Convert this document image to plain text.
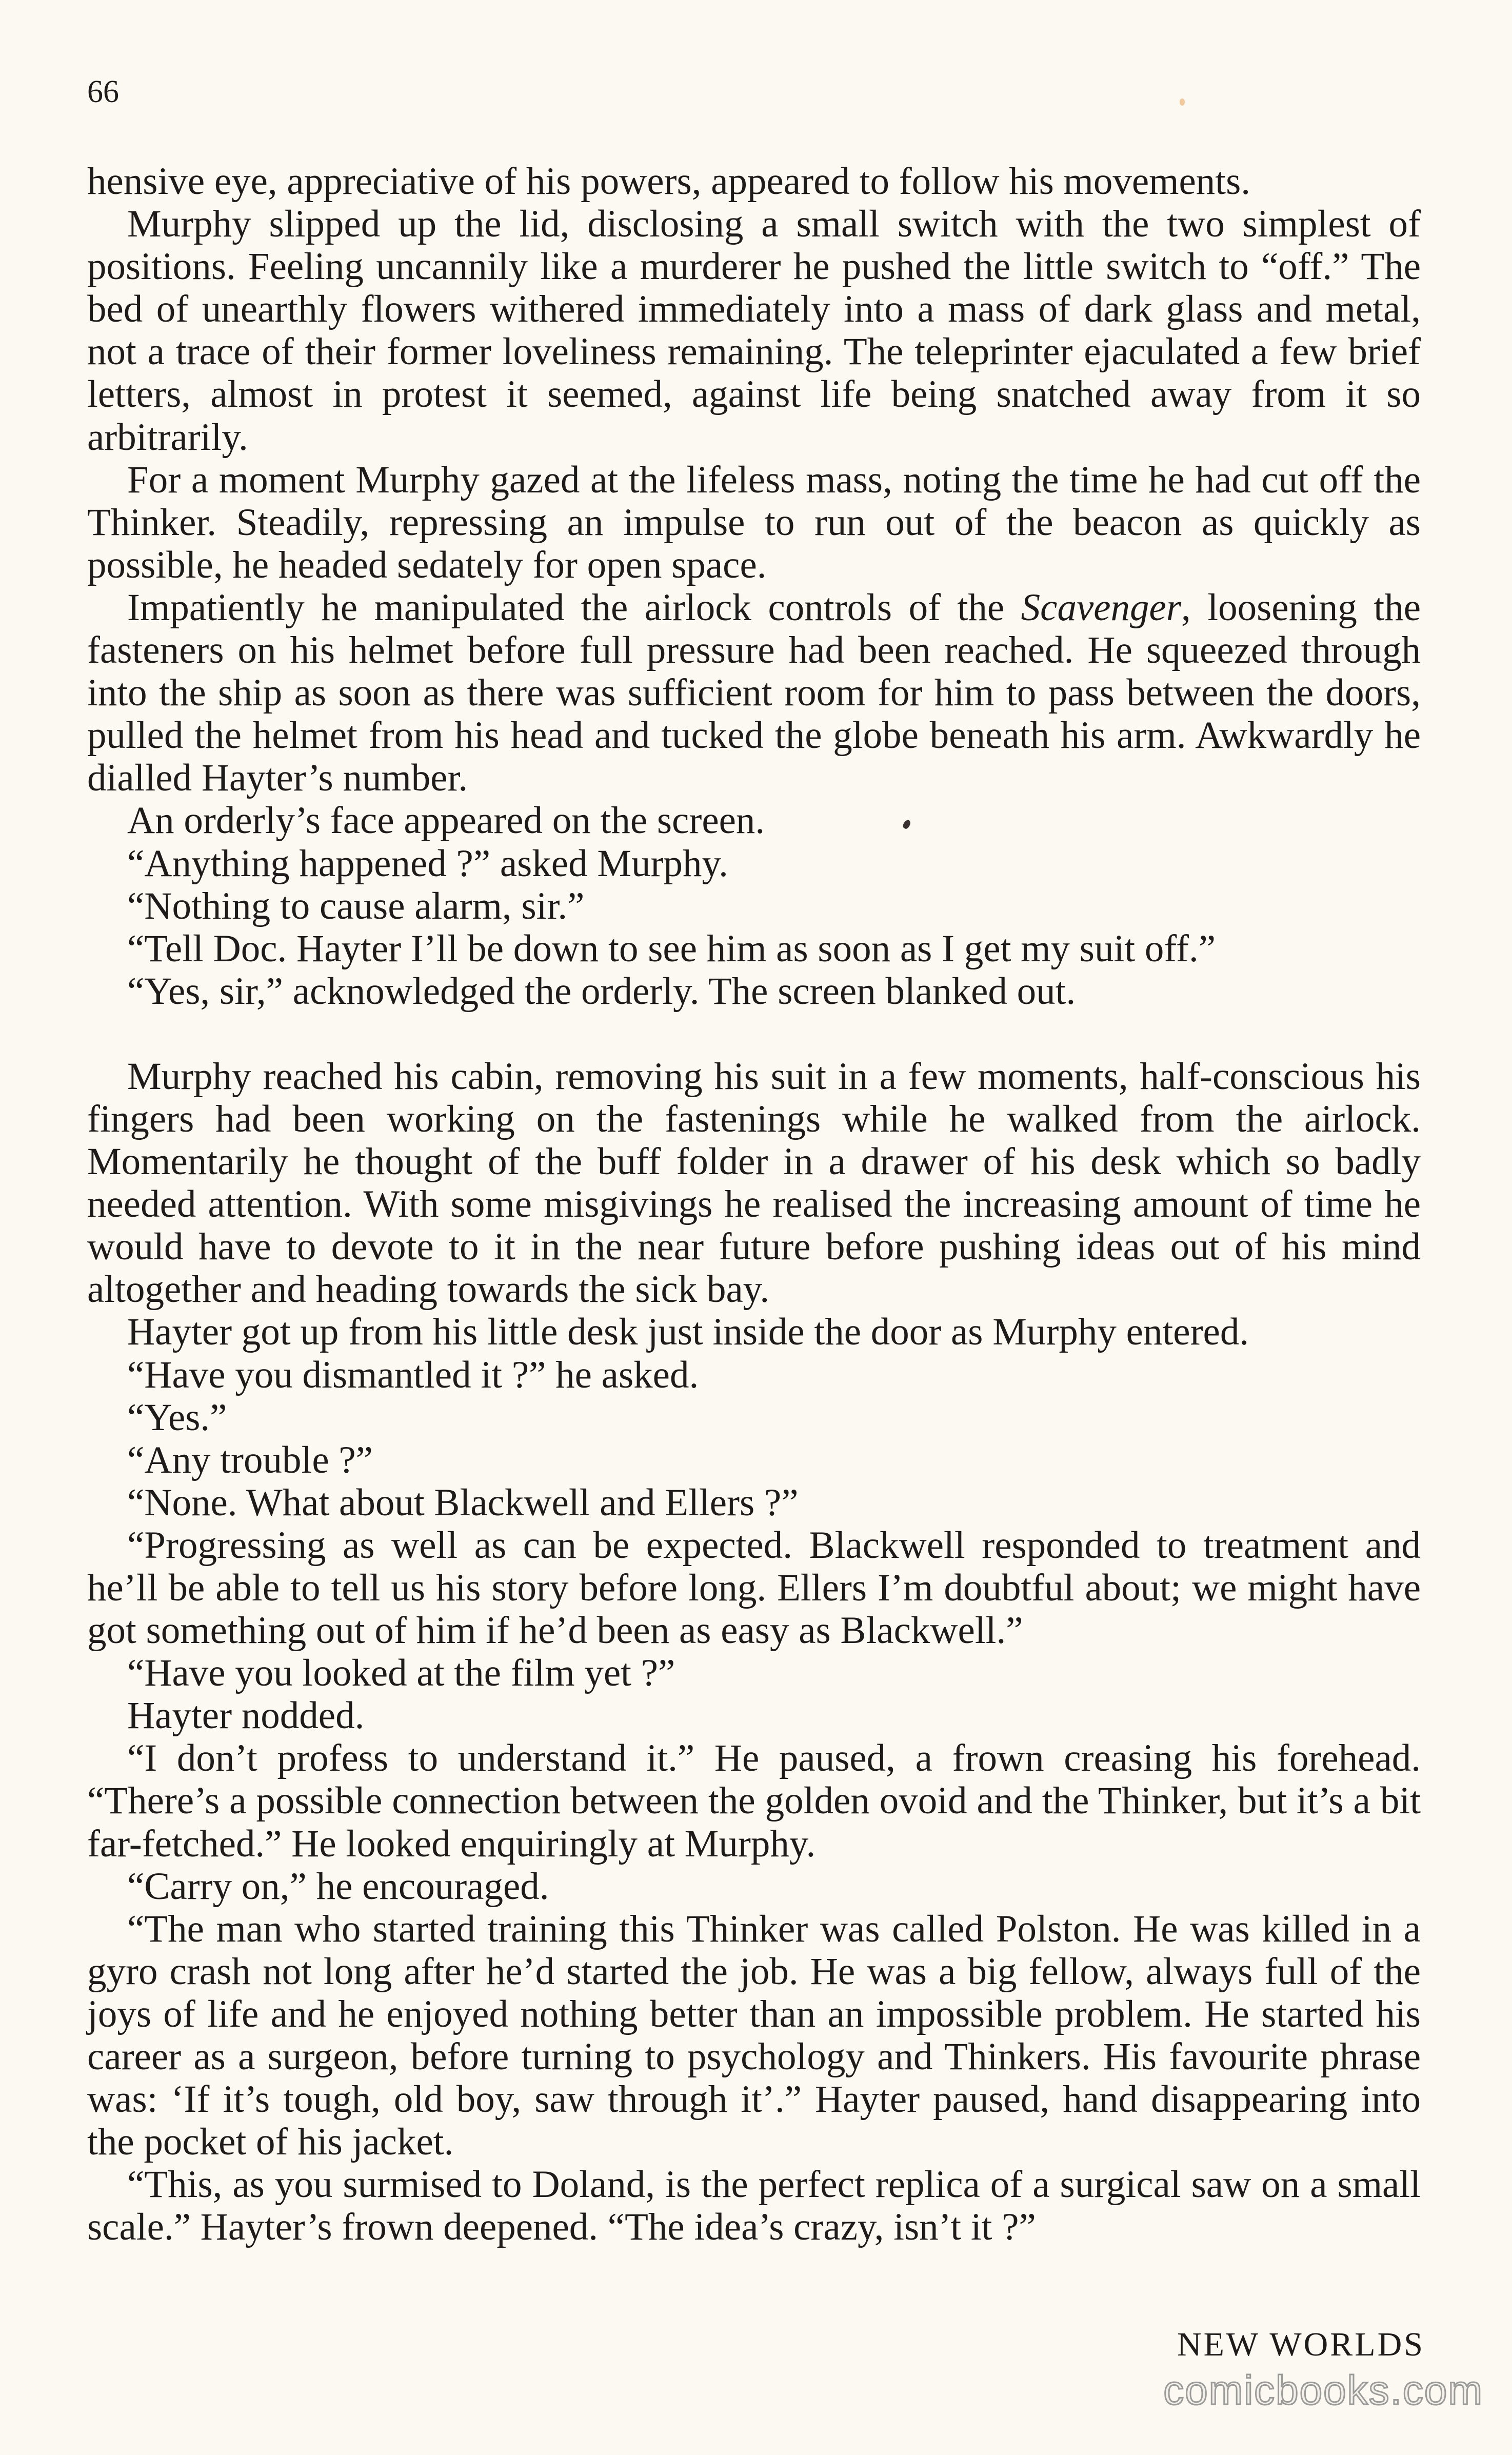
66

hensive eye, appreciative of his powers, appeared to follow his movements.

Murphy slipped up the lid, disclosing a small switch with the two simplest of positions. Feeling uncannily like a murderer he pushed the little switch to “off.” The bed of unearthly flowers withered immediately into a mass of dark glass and metal, not a trace of their former loveliness remaining. The teleprinter ejaculated a few brief letters, almost in protest it seemed, against life being snatched away from it so arbitrarily.

For a moment Murphy gazed at the lifeless mass, noting the time he had cut off the Thinker. Steadily, repressing an impulse to run out of the beacon as quickly as possible, he headed sedately for open space.

Impatiently he manipulated the airlock controls of the Scavenger, loosening the fasteners on his helmet before full pressure had been reached. He squeezed through into the ship as soon as there was sufficient room for him to pass between the doors, pulled the helmet from his head and tucked the globe beneath his arm. Awkwardly he dialled Hayter’s number.

An orderly’s face appeared on the screen.

“Anything happened ?” asked Murphy.

“Nothing to cause alarm, sir.”

“Tell Doc. Hayter I’ll be down to see him as soon as I get my suit off.”

“Yes, sir,” acknowledged the orderly. The screen blanked out.

Murphy reached his cabin, removing his suit in a few moments, half-conscious his fingers had been working on the fastenings while he walked from the airlock. Momentarily he thought of the buff folder in a drawer of his desk which so badly needed attention. With some misgivings he realised the increasing amount of time he would have to devote to it in the near future before pushing ideas out of his mind altogether and heading towards the sick bay.

Hayter got up from his little desk just inside the door as Murphy entered.

“Have you dismantled it ?” he asked.

“Yes.”

“Any trouble ?”

“None. What about Blackwell and Ellers ?”

“Progressing as well as can be expected. Blackwell responded to treatment and he’ll be able to tell us his story before long. Ellers I’m doubtful about; we might have got something out of him if he’d been as easy as Blackwell.”

“Have you looked at the film yet ?”

Hayter nodded.

“I don’t profess to understand it.” He paused, a frown creasing his forehead. “There’s a possible connection between the golden ovoid and the Thinker, but it’s a bit far-fetched.” He looked enquiringly at Murphy.

“Carry on,” he encouraged.

“The man who started training this Thinker was called Polston. He was killed in a gyro crash not long after he’d started the job. He was a big fellow, always full of the joys of life and he enjoyed nothing better than an impossible problem. He started his career as a surgeon, before turning to psychology and Thinkers. His favourite phrase was: ‘If it’s tough, old boy, saw through it’.” Hayter paused, hand disappearing into the pocket of his jacket.

“This, as you surmised to Doland, is the perfect replica of a surgical saw on a small scale.” Hayter’s frown deepened. “The idea’s crazy, isn’t it ?”

NEW WORLDS
comicbooks.com
